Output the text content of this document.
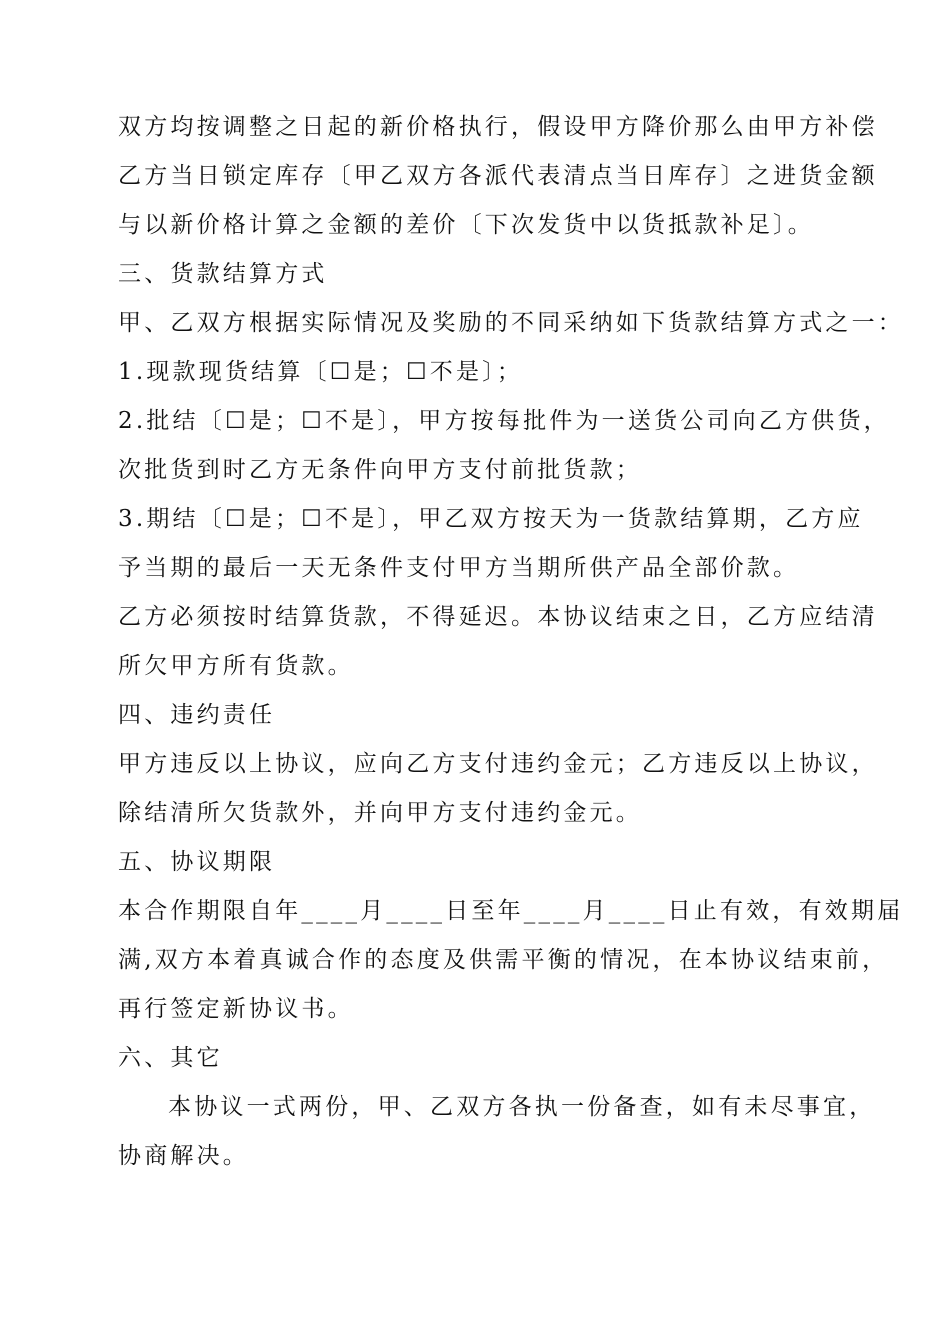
双方均按调整之日起的新价格执行，假设甲方降价那么由甲方补偿
乙方当日锁定库存〔甲乙双方各派代表清点当日库存〕之进货金额
与以新价格计算之金额的差价〔下次发货中以货抵款补足〕。
三、货款结算方式
甲、乙双方根据实际情况及奖励的不同采纳如下货款结算方式之一：
1.现款现货结算〔☐是；☐不是〕；
2.批结〔☐是；☐不是〕，甲方按每批件为一送货公司向乙方供货，
次批货到时乙方无条件向甲方支付前批货款；
3.期结〔☐是；☐不是〕，甲乙双方按天为一货款结算期，乙方应
予当期的最后一天无条件支付甲方当期所供产品全部价款。
乙方必须按时结算货款，不得延迟。本协议结束之日，乙方应结清
所欠甲方所有货款。
四、违约责任
甲方违反以上协议，应向乙方支付违约金元；乙方违反以上协议，
除结清所欠货款外，并向甲方支付违约金元。
五、协议期限
本合作期限自年____月____日至年____月____日止有效，有效期届
满,双方本着真诚合作的态度及供需平衡的情况，在本协议结束前，
再行签定新协议书。
六、其它
本协议一式两份，甲、乙双方各执一份备查，如有未尽事宜，
协商解决。
